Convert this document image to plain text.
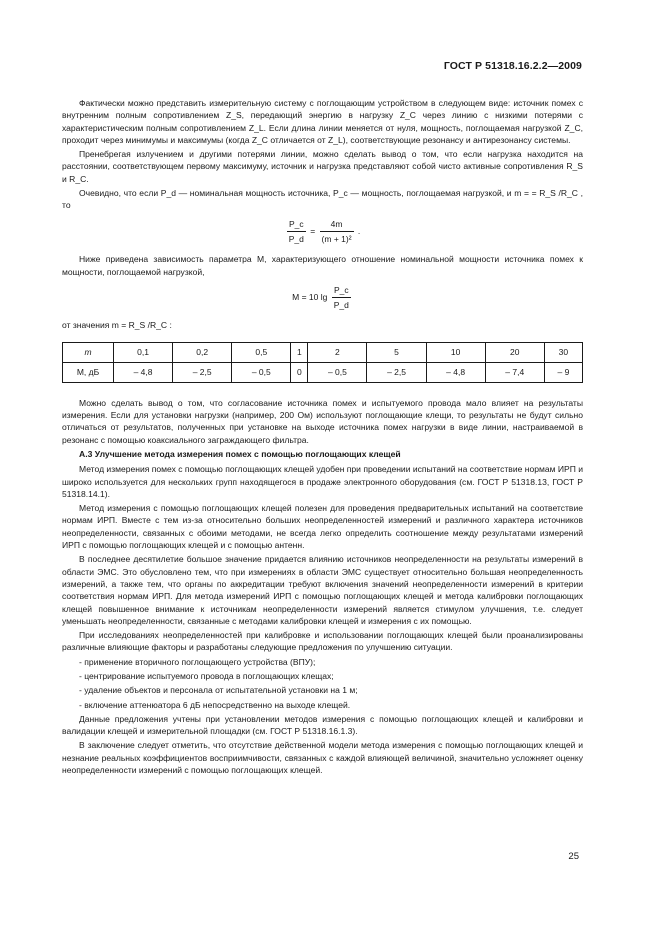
ГОСТ Р 51318.16.2.2—2009

Фактически можно представить измерительную систему с поглощающим устройством в следующем виде: источник помех с внутренним полным сопротивлением Z_S, передающий энергию в нагрузку Z_C через линию с низкими потерями с характеристическим полным сопротивлением Z_L. Если длина линии меняется от нуля, мощность, поглощаемая нагрузкой Z_C, проходит через минимумы и максимумы (когда Z_C отличается от Z_L), соответствующие резонансу и антирезонансу системы.

Пренебрегая излучением и другими потерями линии, можно сделать вывод о том, что если нагрузка находится на расстоянии, соответствующем первому максимуму, источник и нагрузка представляют собой чисто активные сопротивления R_S и R_C.

Очевидно, что если P_d — номинальная мощность источника, P_c — мощность, поглощаемая нагрузкой, и m = = R_S /R_C , то

$\frac{P\_c}{P\_d} = \frac{4m}{\text{(m + 1)²}}$ .

Ниже приведена зависимость параметра M, характеризующего отношение номинальной мощности источника помех к мощности, поглощаемой нагрузкой,

M = 10 $\lg \frac{P\_c}{P\_d}$

от значения m = R_S /R_C :

m	0,1	0,2	0,5	1	2	5	10	20	30
M, дБ	– 4,8	– 2,5	– 0,5	0	– 0,5	– 2,5	– 4,8	– 7,4	– 9

Можно сделать вывод о том, что согласование источника помех и испытуемого провода мало влияет на результаты измерения. Если для установки нагрузки (например, 200 Ом) используют поглощающие клещи, то результаты не будут сильно отличаться от результатов, полученных при установке на выходе источника помех нагрузки в виде линии, настраиваемой в резонанс с помощью коаксиального заграждающего фильтра.

А.3 Улучшение метода измерения помех с помощью поглощающих клещей

Метод измерения помех с помощью поглощающих клещей удобен при проведении испытаний на соответствие нормам ИРП и широко используется для нескольких групп находящегося в продаже электронного оборудования (см. ГОСТ Р 51318.13, ГОСТ Р 51318.14.1).

Метод измерения с помощью поглощающих клещей полезен для проведения предварительных испытаний на соответствие нормам ИРП. Вместе с тем из-за относительно больших неопределенностей измерений и различного характера источников неопределенности, связанных с обоими методами, не всегда легко определить соотношение между результатами измерений ИРП с помощью поглощающих клещей и с помощью антенн.

В последнее десятилетие большое значение придается влиянию источников неопределенности на результаты измерений в области ЭМС. Это обусловлено тем, что при измерениях в области ЭМС существует относительно большая неопределенность измерений, а также тем, что органы по аккредитации требуют включения значений неопределенности измерений в критерии соответствия нормам ИРП. Для метода измерений ИРП с помощью поглощающих клещей и метода калибровки поглощающих клещей повышенное внимание к источникам неопределенности измерений является стимулом улучшения, т.е. следует уменьшать неопределенности, связанные с методами калибровки клещей и измерения с их помощью.

При исследованиях неопределенностей при калибровке и использовании поглощающих клещей были проанализированы различные влияющие факторы и разработаны следующие предложения по улучшению ситуации.

- применение вторичного поглощающего устройства (ВПУ);
- центрирование испытуемого провода в поглощающих клещах;
- удаление объектов и персонала от испытательной установки на 1 м;
- включение аттенюатора 6 дБ непосредственно на выходе клещей.

Данные предложения учтены при установлении методов измерения с помощью поглощающих клещей и калибровки и валидации клещей и измерительной площадки (см. ГОСТ Р 51318.16.1.3).

В заключение следует отметить, что отсутствие действенной модели метода измерения с помощью поглощающих клещей и незнание реальных коэффициентов восприимчивости, связанных с каждой влияющей величиной, значительно усложняет оценку неопределенности измерений с помощью поглощающих клещей.

25
